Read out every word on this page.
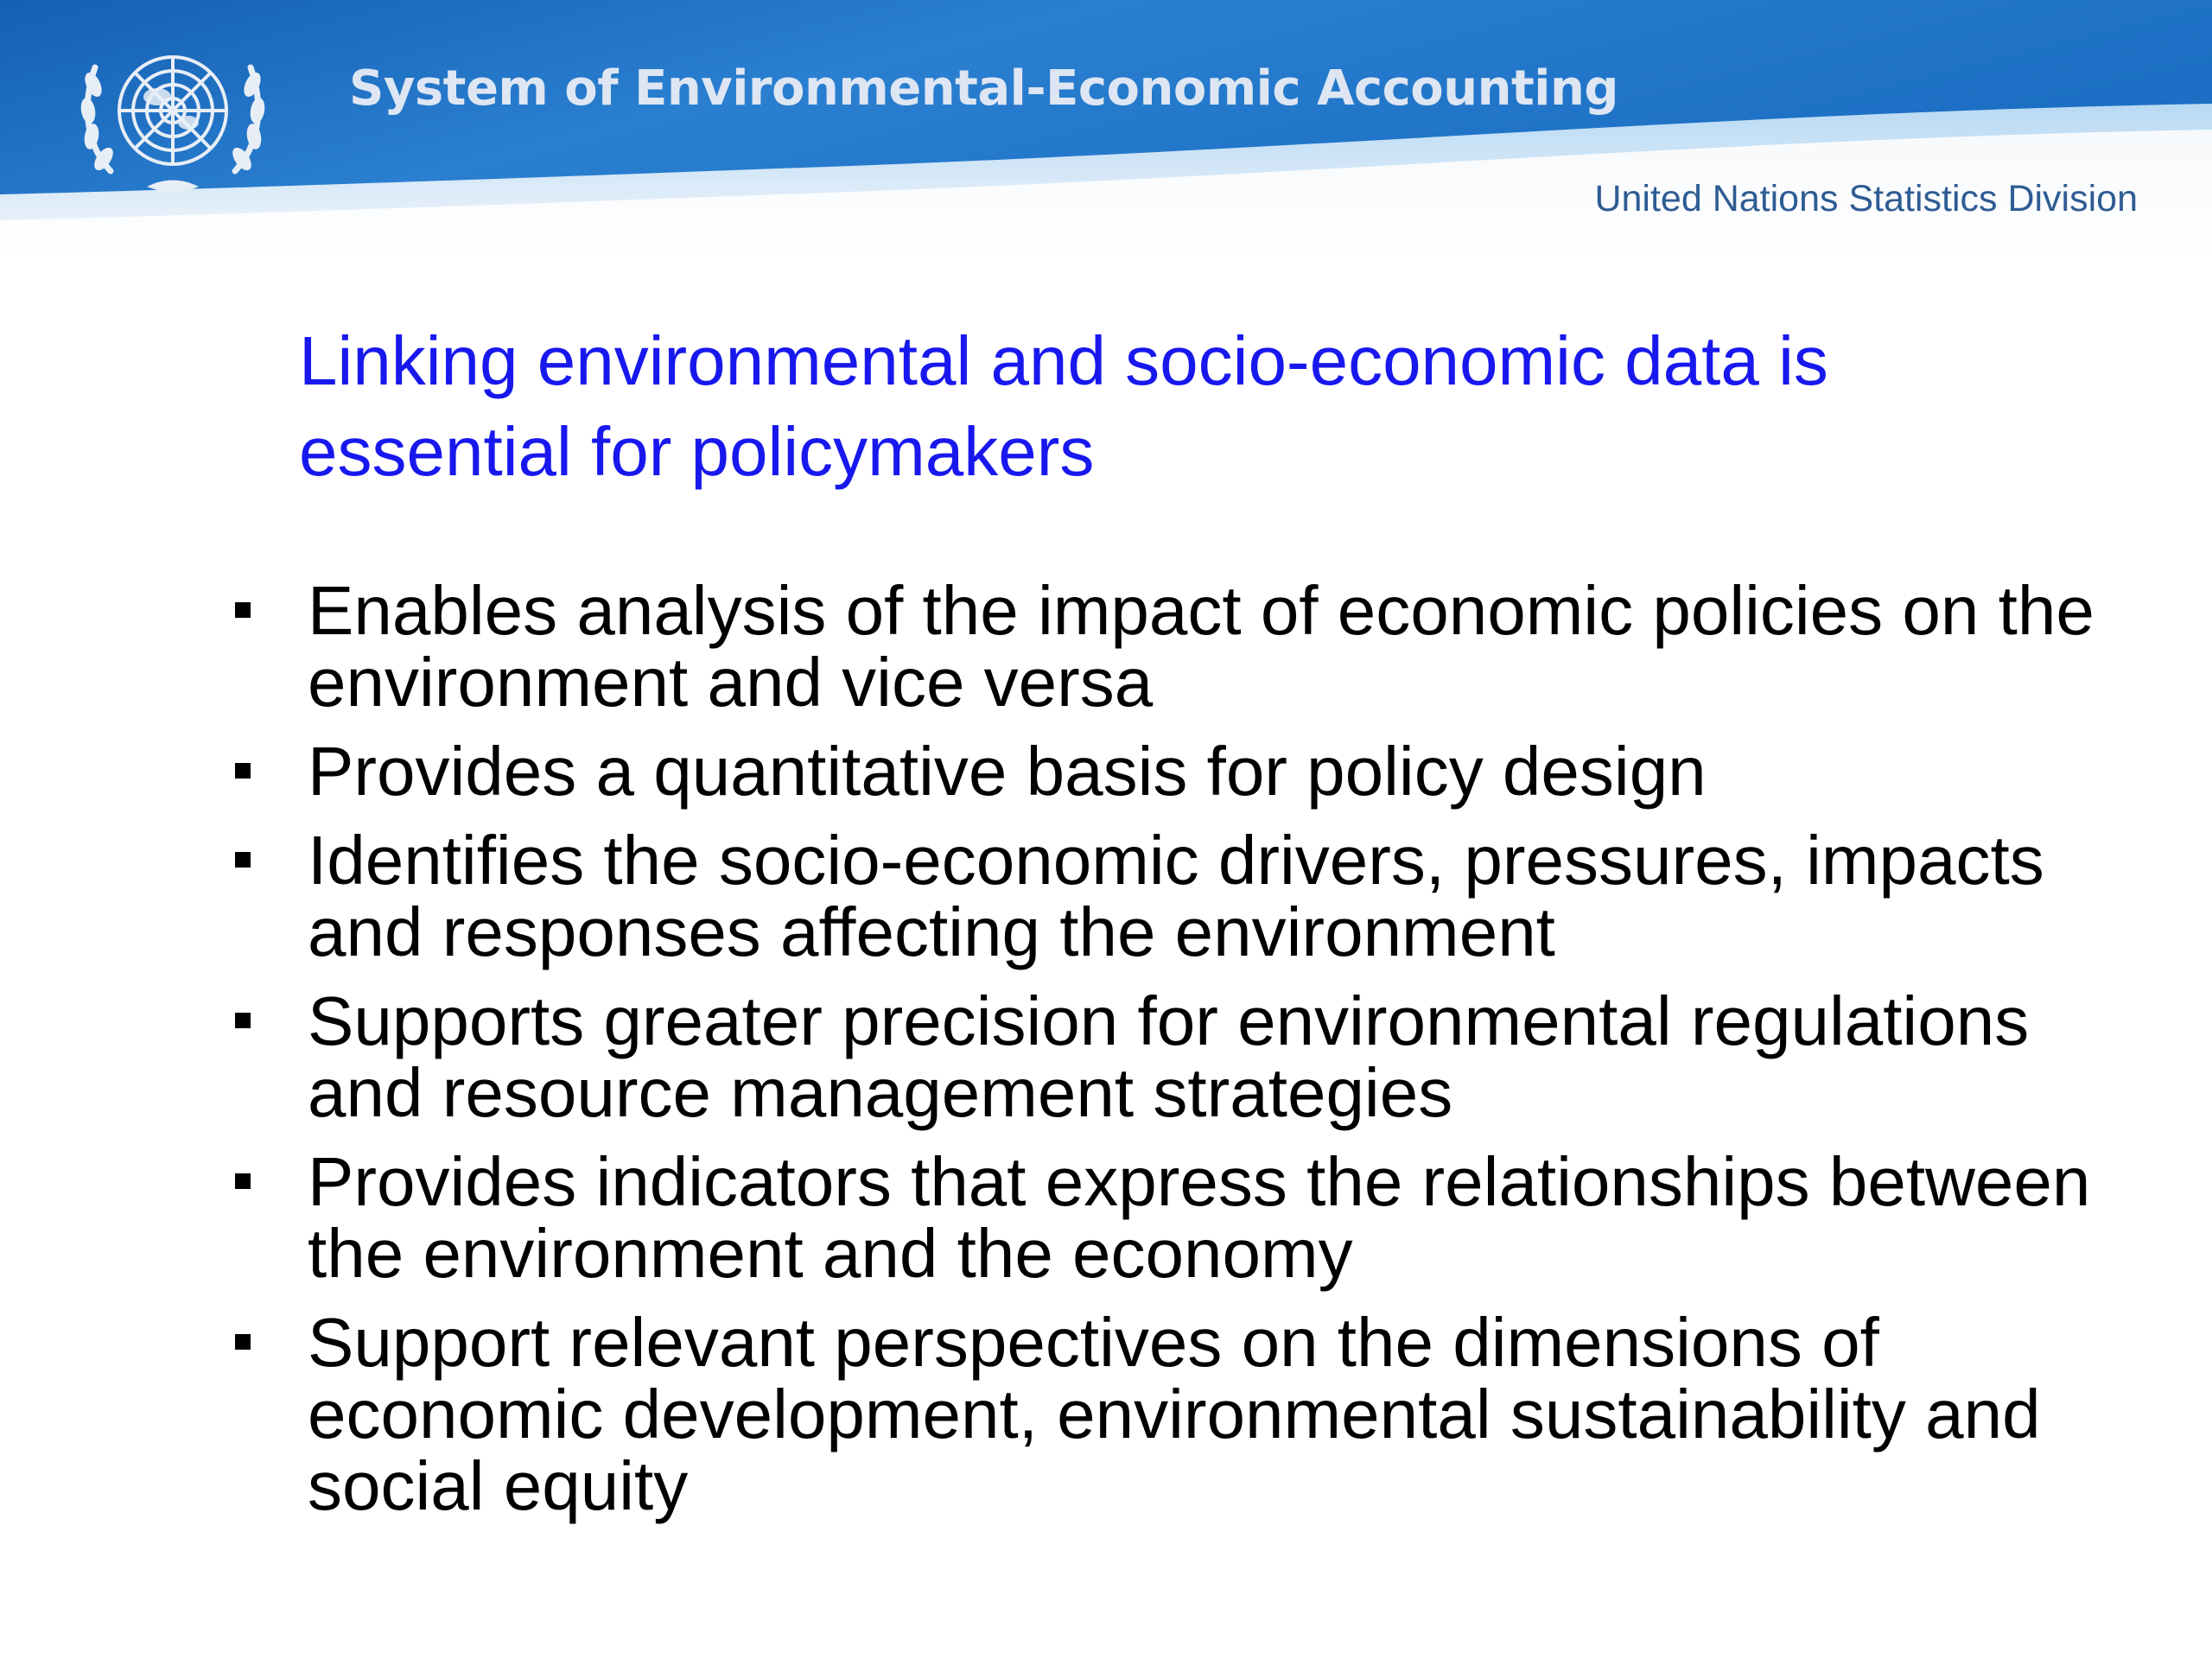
System of Environmental-Economic Accounting
United Nations Statistics Division
Linking environmental and socio-economic data is essential for policymakers
Enables analysis of the impact of economic policies on the environment and vice versa
Provides a quantitative basis for policy design
Identifies the socio-economic drivers, pressures, impacts and responses affecting the environment
Supports greater precision for environmental regulations and resource management strategies
Provides indicators that express the relationships between the environment and the economy
Support relevant perspectives on the dimensions of economic development, environmental sustainability and social equity
